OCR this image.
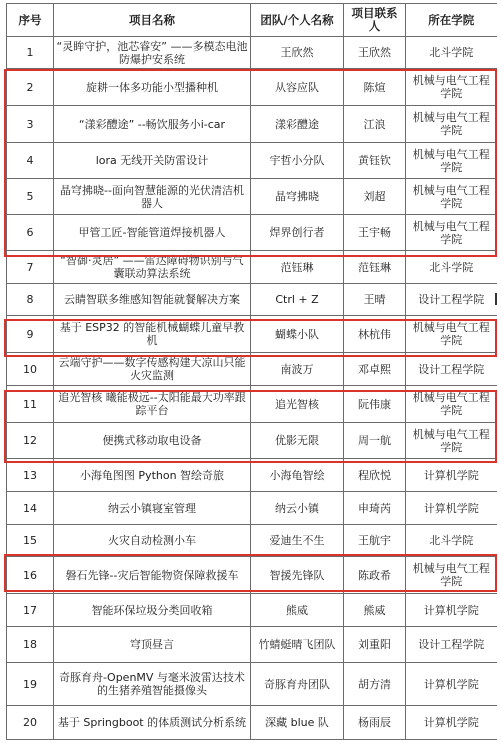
序号	项目名称	团队/个人名称	项目联系人	所在学院
1	“灵眸守护，池芯睿安” ——多模态电池防爆护安系统	王欣然	王欣然	北斗学院
2	旋耕一体多功能小型播种机	从容应队	陈煊	机械与电气工程学院
3	“漾彩醴途” --畅饮服务小i-car	漾彩醴途	江浪	机械与电气工程学院
4	lora 无线开关防雷设计	宇哲小分队	黄钰钦	机械与电气工程学院
5	晶穹拂晓--面向智慧能源的光伏清洁机器人	晶穹拂晓	刘超	机械与电气工程学院
6	甲管工匠-智能管道焊接机器人	焊界创行者	王宇畅	机械与电气工程学院
7	“智御·灵居” ——雷达障碍物识别与气囊联动算法系统	范钰琳	范钰琳	北斗学院
8	云睛智联多维感知智能就餐解决方案	Ctrl + Z	王晴	设计工程学院
9	基于 ESP32 的智能机械蝴蝶儿童早教机	蝴蝶小队	林杭伟	机械与电气工程学院
10	云端守护——数字传感构建大凉山只能火灾监测	南波万	邓卓熙	设计工程学院
11	追光智核 曦能极远--太阳能最大功率跟踪平台	追光智核	阮伟康	机械与电气工程学院
12	便携式移动取电设备	优影无限	周一航	机械与电气工程学院
13	小海龟图图 Python 智绘奇旅	小海龟智绘	程欣悦	计算机学院
14	纳云小镇寝室管理	纳云小镇	申琦芮	计算机学院
15	火灾自动检测小车	爱迪生不生	王航宇	北斗学院
16	磐石先锋--灾后智能物资保障救援车	智援先锋队	陈政希	机械与电气工程学院
17	智能环保垃圾分类回收箱	熊威	熊威	计算机学院
18	穹顶昼言	竹蜻蜓晴飞团队	刘重阳	设计工程学院
19	奇豚育舟-OpenMV 与毫米波雷达技术的生猪养殖智能摄像头	奇豚育舟团队	胡方清	计算机学院
20	基于 Springboot 的体质测试分析系统	深藏 blue 队	杨雨辰	计算机学院
